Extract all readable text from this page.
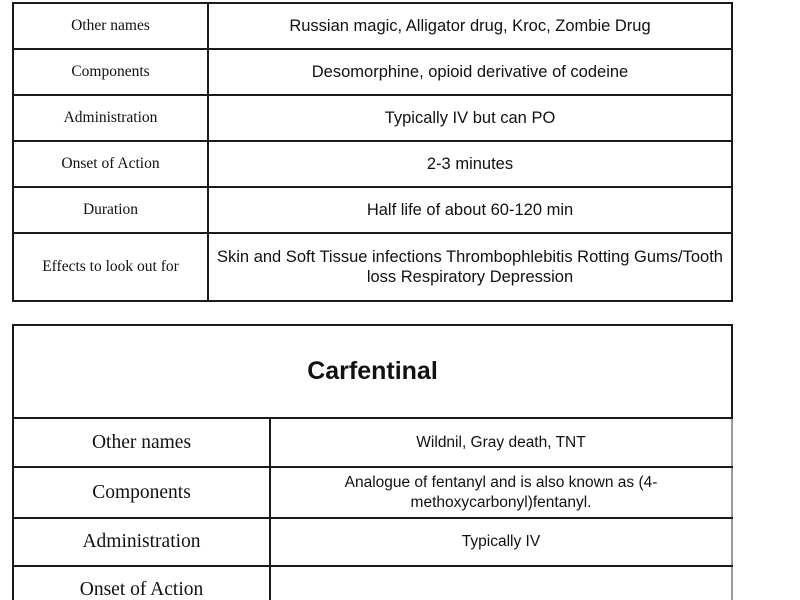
Other names	Russian magic, Alligator drug, Kroc, Zombie Drug
Components	Desomorphine, opioid derivative of codeine
Administration	Typically IV but can PO
Onset of Action	2-3 minutes
Duration	Half life of about 60-120 min
Effects to look out for	Skin and Soft Tissue infections Thrombophlebitis Rotting Gums/Tooth loss Respiratory Depression
Carfentinal	
Other names	Wildnil, Gray death, TNT
Components	Analogue of fentanyl and is also known as (4-methoxycarbonyl)fentanyl.
Administration	Typically IV
Onset of Action	
